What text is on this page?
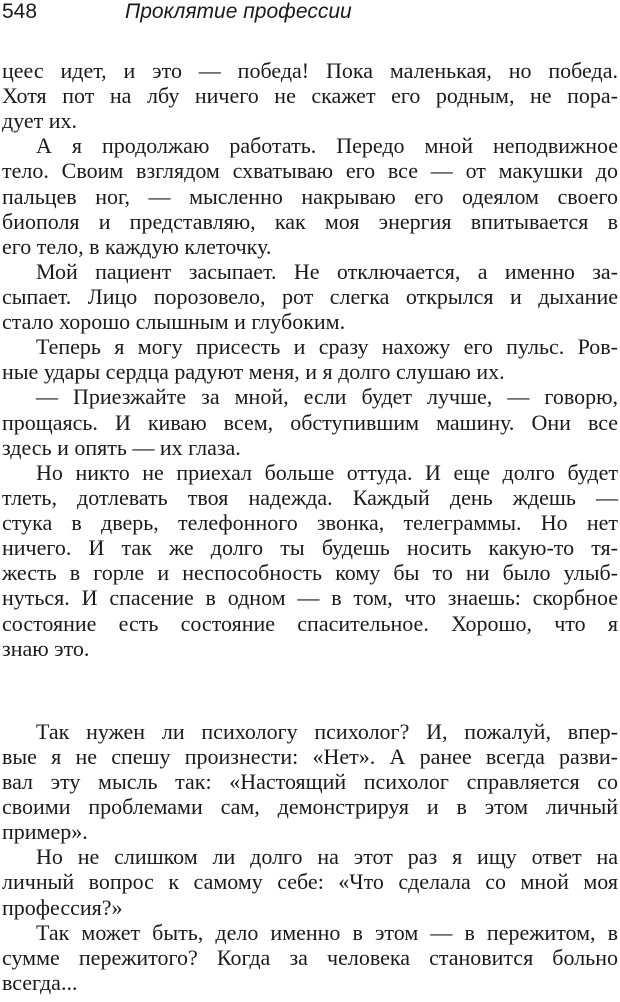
548	Проклятие профессии
цеес идет, и это — победа! Пока маленькая, но победа.
Хотя пот на лбу ничего не скажет его родным, не пора-
дует их.
А я продолжаю работать. Передо мной неподвижное
тело. Своим взглядом схватываю его все — от макушки до
пальцев ног, — мысленно накрываю его одеялом своего
биополя и представляю, как моя энергия впитывается в
его тело, в каждую клеточку.
Мой пациент засыпает. Не отключается, а именно за-
сыпает. Лицо порозовело, рот слегка открылся и дыхание
стало хорошо слышным и глубоким.
Теперь я могу присесть и сразу нахожу его пульс. Ров-
ные удары сердца радуют меня, и я долго слушаю их.
— Приезжайте за мной, если будет лучше, — говорю,
прощаясь. И киваю всем, обступившим машину. Они все
здесь и опять — их глаза.
Но никто не приехал больше оттуда. И еще долго будет
тлеть, дотлевать твоя надежда. Каждый день ждешь —
стука в дверь, телефонного звонка, телеграммы. Но нет
ничего. И так же долго ты будешь носить какую-то тя-
жесть в горле и неспособность кому бы то ни было улыб-
нуться. И спасение в одном — в том, что знаешь: скорбное
состояние есть состояние спасительное. Хорошо, что я
знаю это.
Так нужен ли психологу психолог? И, пожалуй, впер-
вые я не спешу произнести: «Нет». А ранее всегда разви-
вал эту мысль так: «Настоящий психолог справляется со
своими проблемами сам, демонстрируя и в этом личный
пример».
Но не слишком ли долго на этот раз я ищу ответ на
личный вопрос к самому себе: «Что сделала со мной моя
профессия?»
Так может быть, дело именно в этом — в пережитом, в
сумме пережитого? Когда за человека становится больно
всегда...
